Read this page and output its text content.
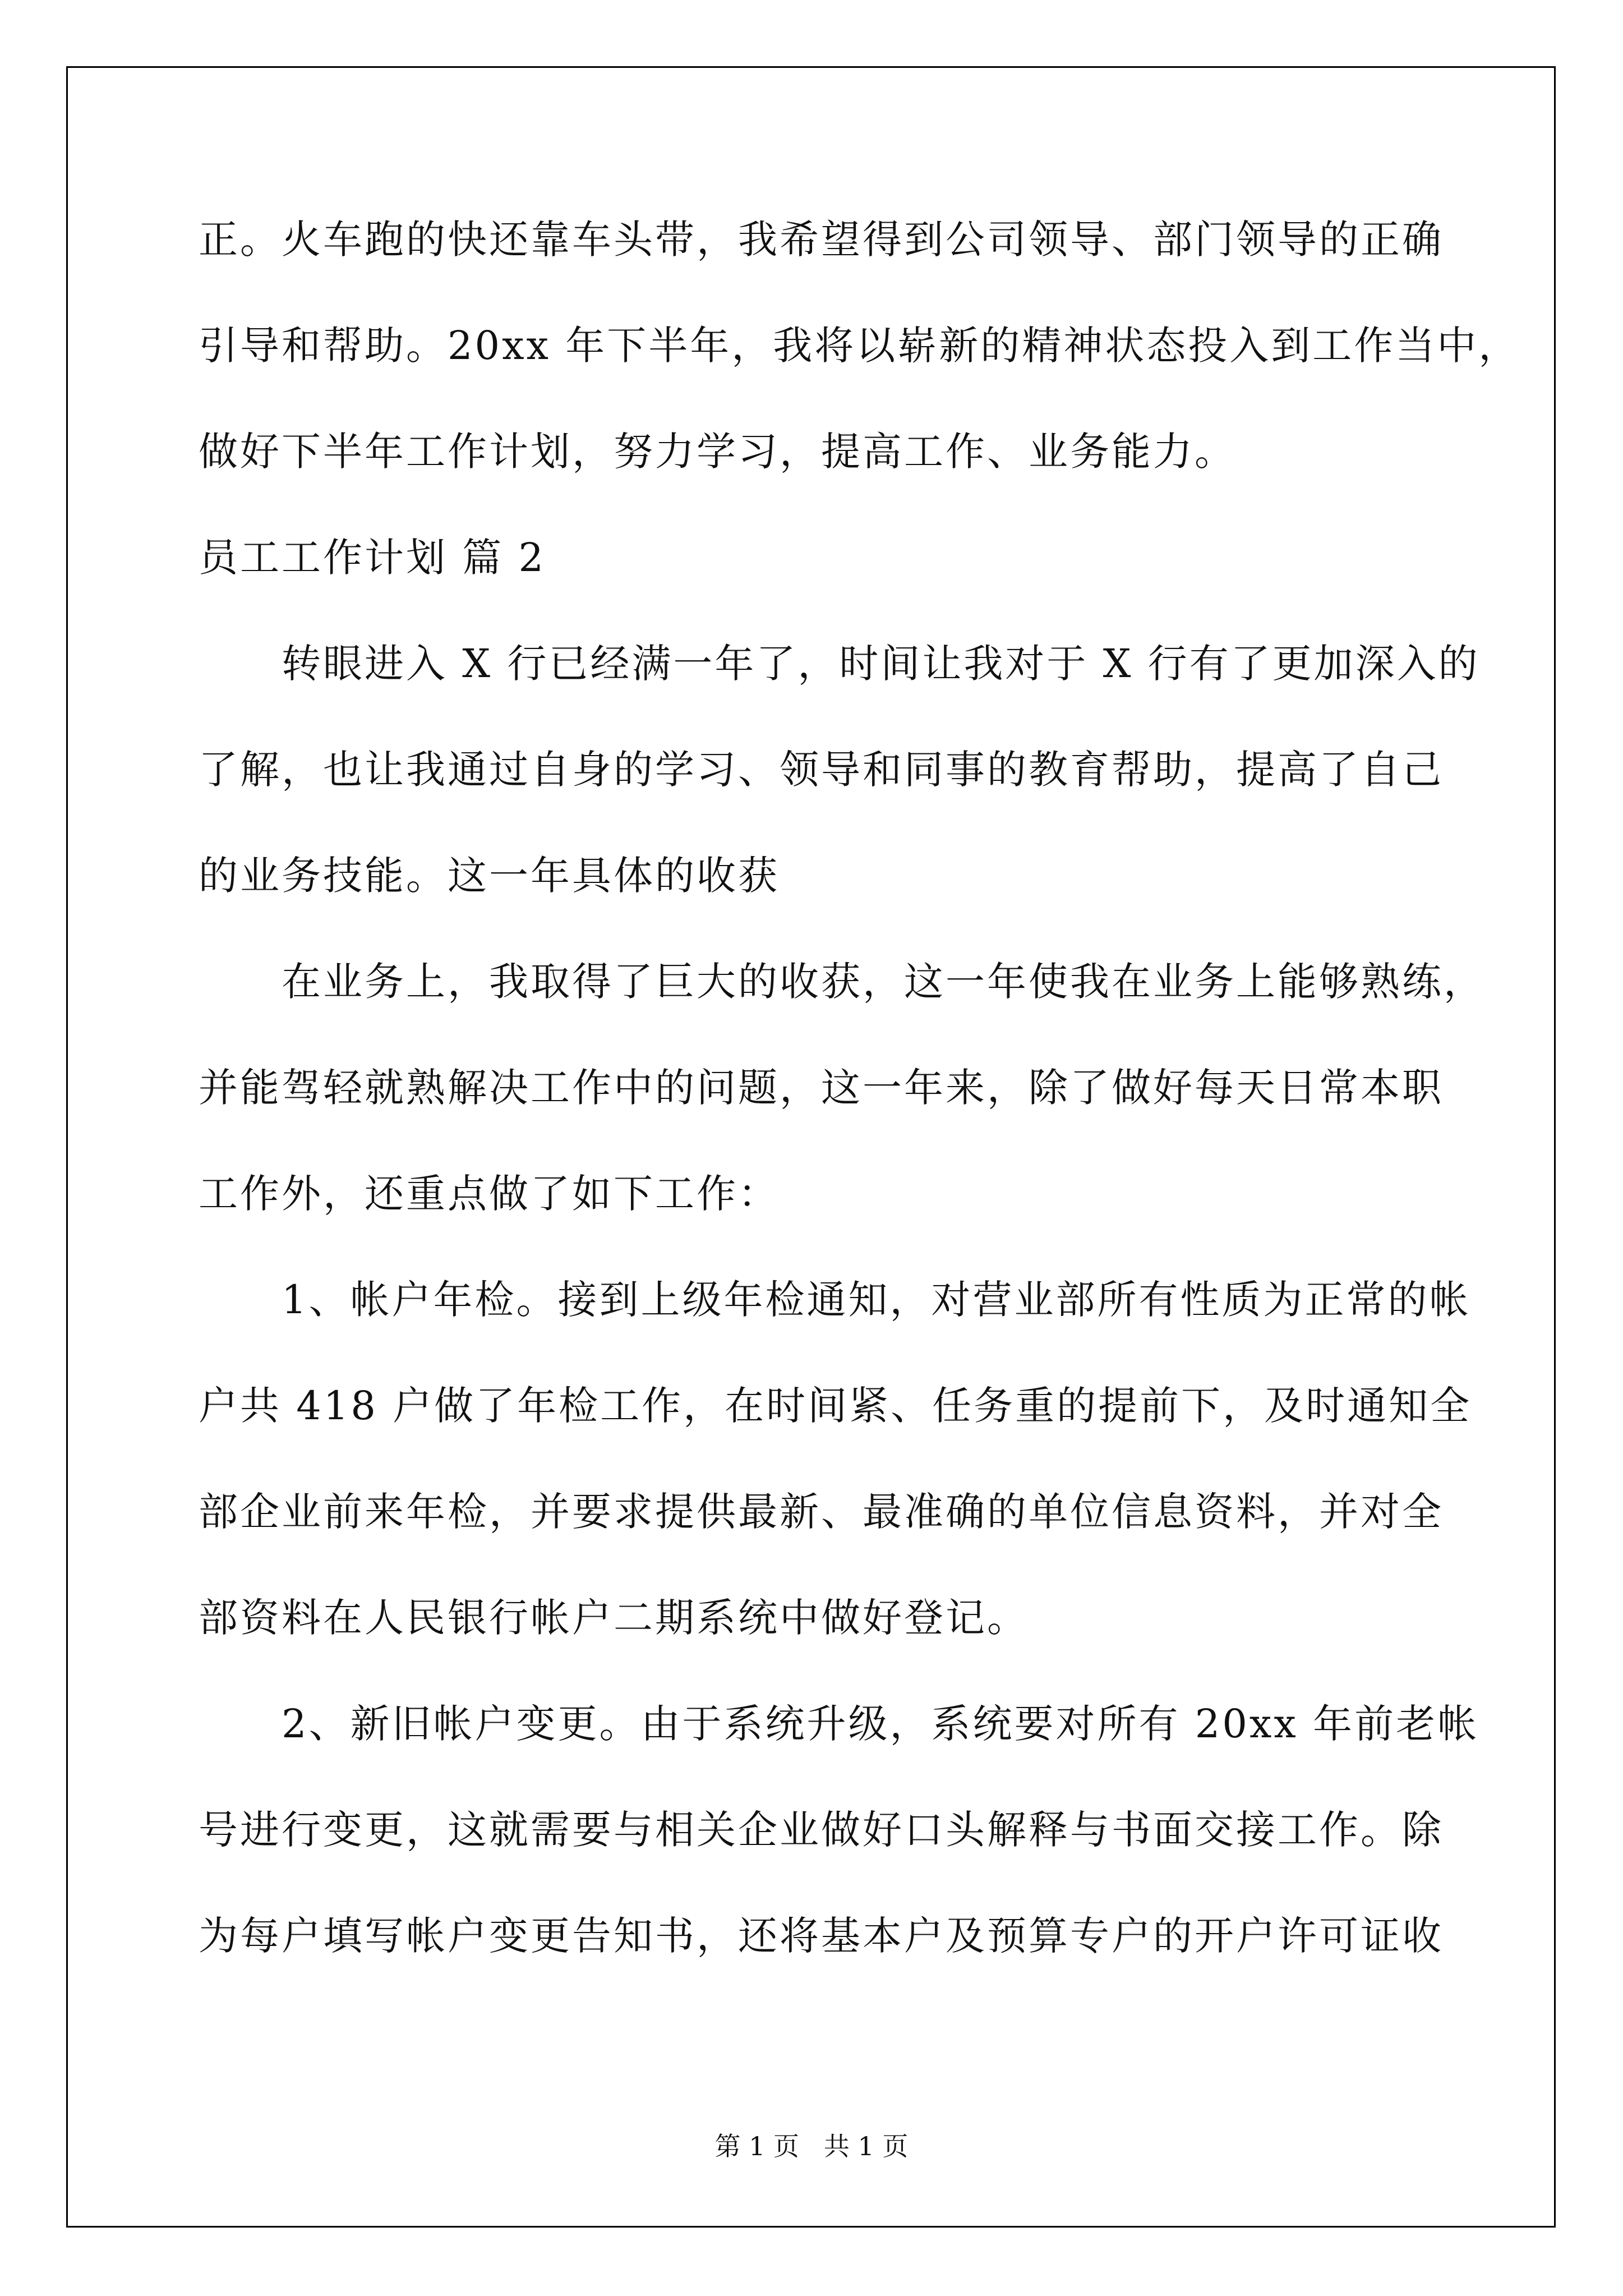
正。火车跑的快还靠车头带，我希望得到公司领导、部门领导的正确
引导和帮助。20xx 年下半年，我将以崭新的精神状态投入到工作当中，
做好下半年工作计划，努力学习，提高工作、业务能力。
员工工作计划 篇 2
转眼进入 X 行已经满一年了，时间让我对于 X 行有了更加深入的
了解，也让我通过自身的学习、领导和同事的教育帮助，提高了自己
的业务技能。这一年具体的收获
在业务上，我取得了巨大的收获，这一年使我在业务上能够熟练，
并能驾轻就熟解决工作中的问题，这一年来，除了做好每天日常本职
工作外，还重点做了如下工作：
1、帐户年检。接到上级年检通知，对营业部所有性质为正常的帐
户共 418 户做了年检工作，在时间紧、任务重的提前下，及时通知全
部企业前来年检，并要求提供最新、最准确的单位信息资料，并对全
部资料在人民银行帐户二期系统中做好登记。
2、新旧帐户变更。由于系统升级，系统要对所有 20xx 年前老帐
号进行变更，这就需要与相关企业做好口头解释与书面交接工作。除
为每户填写帐户变更告知书，还将基本户及预算专户的开户许可证收
第 1 页   共 1 页
